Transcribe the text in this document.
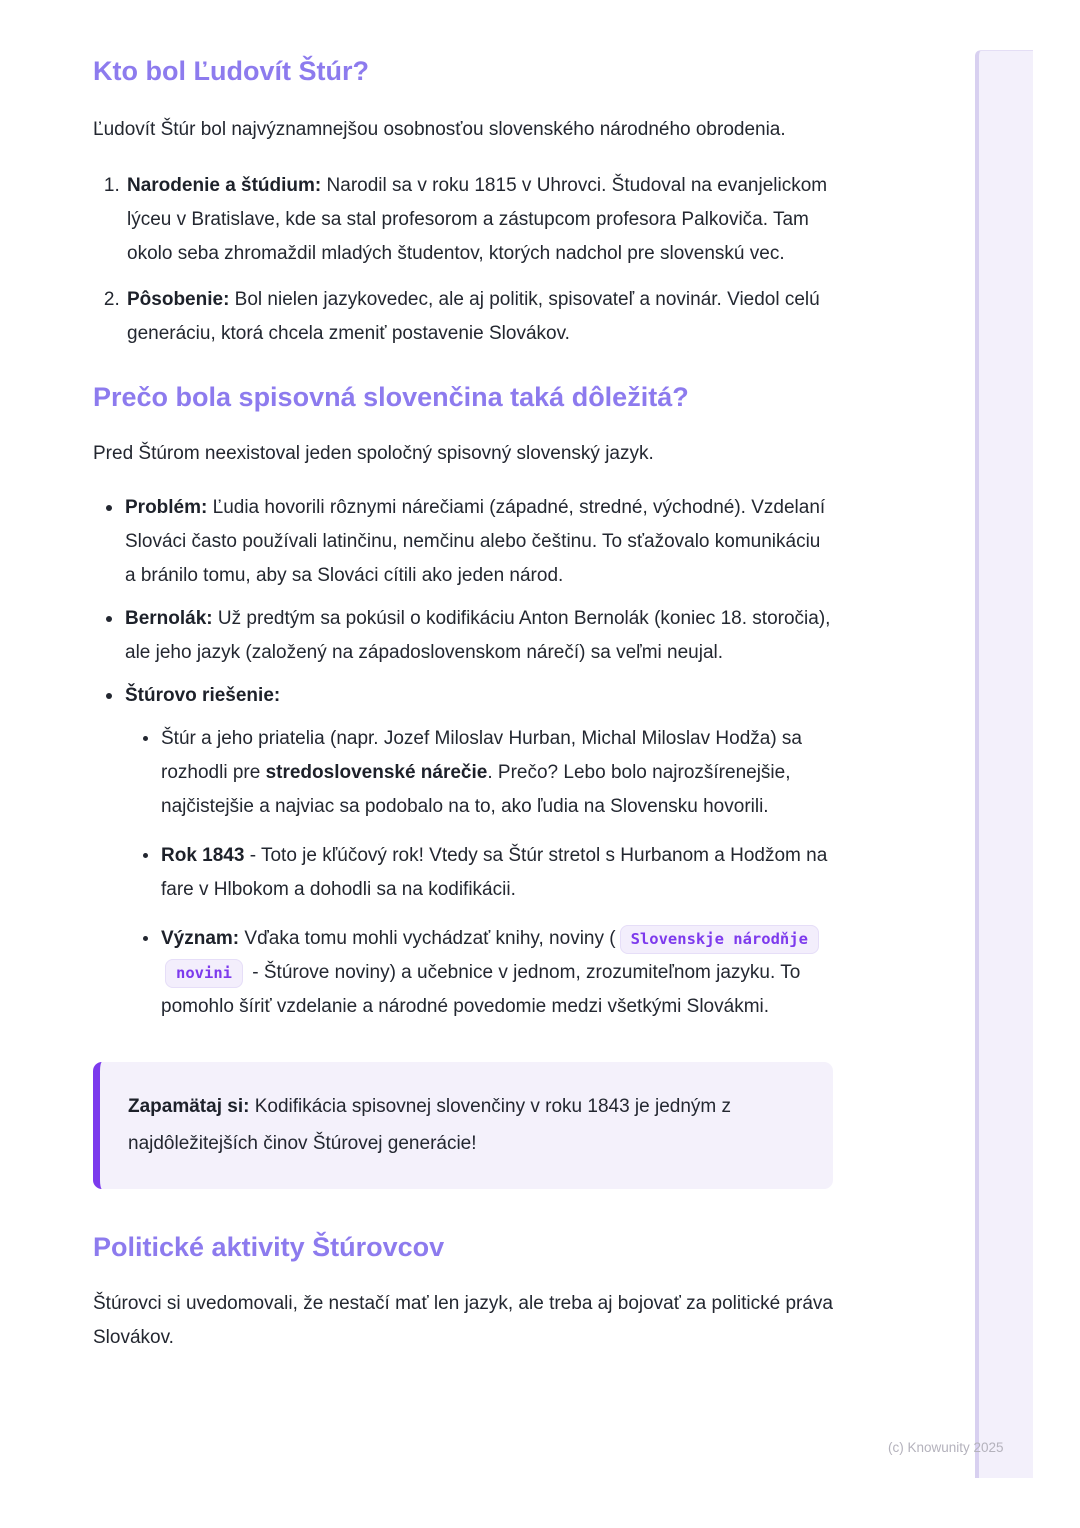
Kto bol Ľudovít Štúr?

Ľudovít Štúr bol najvýznamnejšou osobnosťou slovenského národného obrodenia.

1. Narodenie a štúdium: Narodil sa v roku 1815 v Uhrovci. Študoval na evanjelickom lýceu v Bratislave, kde sa stal profesorom a zástupcom profesora Palkoviča. Tam okolo seba zhromaždil mladých študentov, ktorých nadchol pre slovenskú vec.
2. Pôsobenie: Bol nielen jazykovedec, ale aj politik, spisovateľ a novinár. Viedol celú generáciu, ktorá chcela zmeniť postavenie Slovákov.
Prečo bola spisovná slovenčina taká dôležitá?

Pred Štúrom neexistoval jeden spoločný spisovný slovenský jazyk.

Problém: Ľudia hovorili rôznymi nárečiami (západné, stredné, východné). Vzdelaní Slováci často používali latinčinu, nemčinu alebo češtinu. To sťažovalo komunikáciu a bránilo tomu, aby sa Slováci cítili ako jeden národ.
Bernolák: Už predtým sa pokúsil o kodifikáciu Anton Bernolák (koniec 18. storočia), ale jeho jazyk (založený na západoslovenskom nárečí) sa veľmi neujal.
Štúrovo riešenie:
Štúr a jeho priatelia (napr. Jozef Miloslav Hurban, Michal Miloslav Hodža) sa rozhodli pre stredoslovenské nárečie. Prečo? Lebo bolo najrozšírenejšie, najčistejšie a najviac sa podobalo na to, ako ľudia na Slovensku hovorili.
Rok 1843 - Toto je kľúčový rok! Vtedy sa Štúr stretol s Hurbanom a Hodžom na fare v Hlbokom a dohodli sa na kodifikácii.
Význam: Vďaka tomu mohli vychádzať knihy, noviny ( Slovenskje národňje novini - Štúrove noviny) a učebnice v jednom, zrozumiteľnom jazyku. To pomohlo šíriť vzdelanie a národné povedomie medzi všetkými Slovákmi.

Zapamätaj si: Kodifikácia spisovnej slovenčiny v roku 1843 je jedným z najdôležitejších činov Štúrovej generácie!

Politické aktivity Štúrovcov

Štúrovci si uvedomovali, že nestačí mať len jazyk, ale treba aj bojovať za politické práva Slovákov.

(c) Knowunity 2025
